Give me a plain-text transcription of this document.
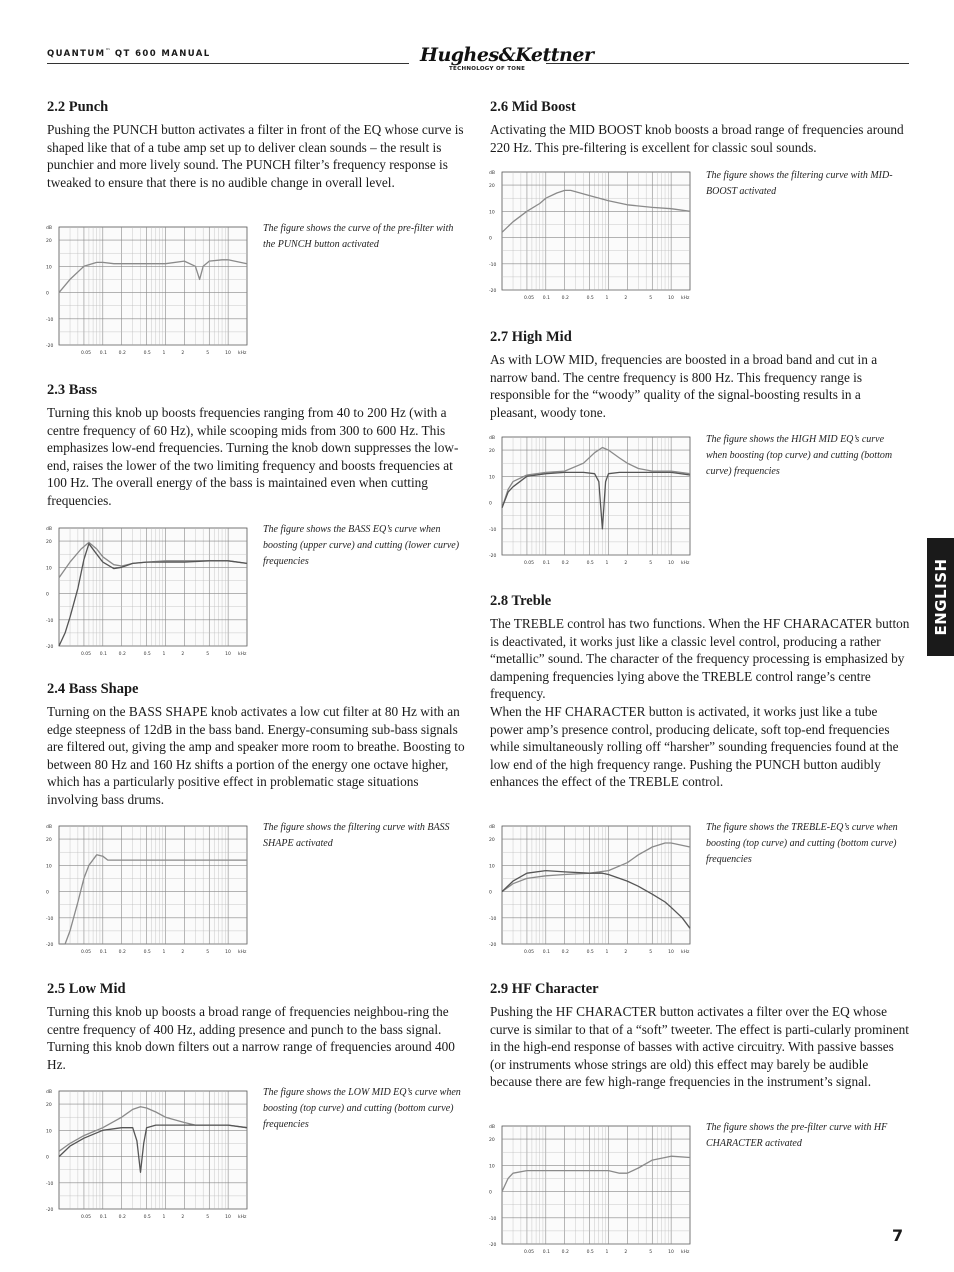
QUANTUM™ QT 600 MANUAL	Hughes&Kettner
TECHNOLOGY OF TONE
ENGLISH
2.2 Punch

Pushing the PUNCH button activates a filter in front of the EQ whose curve is shaped like that of a tube amp set up to deliver clean sounds – the result is punchier and more lively sound. The PUNCH filter’s frequency response is tweaked to ensure that there is no audible change in overall level.

dB
20
10
0
-10
-20
0.05 0.1	0.2	0.5	1	2	5	10 kHz
The figure shows the curve of the pre-filter with the PUNCH button activated
2.3 Bass

Turning this knob up boosts frequencies ranging from 40 to 200 Hz (with a centre frequency of 60 Hz), while scooping mids from 300 to 600 Hz. This emphasizes low-end frequencies. Turning the knob down suppresses the low-end, raises the lower of the two limiting frequency and boosts frequencies at 100 Hz. The overall energy of the bass is maintained even when cutting frequencies.

dB
20
10
0
-10
-20
0.05 0.1	0.2	0.5	1	2	5	10 kHz
The figure shows the BASS EQ’s curve when boosting (upper curve) and cutting (lower curve) frequencies
2.4 Bass Shape

Turning on the BASS SHAPE knob activates a low cut filter at 80 Hz with an edge steepness of 12dB in the bass band. Energy-consuming sub-bass signals are filtered out, giving the amp and speaker more room to breathe. Boosting to between 80 Hz and 160 Hz shifts a portion of the energy one octave higher, which has a particularly positive effect in problematic stage situations involving bass drums.

dB
20
10
0
-10
-20
0.05 0.1	0.2	0.5	1	2	5	10 kHz
The figure shows the filtering curve with BASS SHAPE activated
2.5 Low Mid

Turning this knob up boosts a broad range of frequencies neighbou-ring the centre frequency of 400 Hz, adding presence and punch to the bass signal. Turning this knob down filters out a narrow range of frequencies around 400 Hz.

dB
20
10
0
-10
-20
0.05 0.1	0.2	0.5	1	2	5	10 kHz
The figure shows the LOW MID EQ’s curve when boosting (top curve) and cutting (bottom curve) frequencies
2.6 Mid Boost

Activating the MID BOOST knob boosts a broad range of frequencies around 220 Hz. This pre-filtering is excellent for classic soul sounds.

dB
20
10
0
-10
-20
0.05 0.1	0.2	0.5	1	2	5	10 kHz
The figure shows the filtering curve with MID-BOOST activated
2.7 High Mid

As with LOW MID, frequencies are boosted in a broad band and cut in a narrow band. The centre frequency is 800 Hz. This frequency range is responsible for the “woody” quality of the signal-boosting results in a pleasant, woody tone.

dB
20
10
0
-10
-20
0.05 0.1	0.2	0.5	1	2	5	10 kHz
The figure shows the HIGH MID EQ’s curve when boosting (top curve) and cutting (bottom curve) frequencies
2.8 Treble

The TREBLE control has two functions. When the HF CHARACATER button is deactivated, it works just like a classic level control, producing a rather “metallic” sound. The character of the frequency processing is emphasized by dampening frequencies lying above the TREBLE control range’s centre frequency.

When the HF CHARACTER button is activated, it works just like a tube power amp’s presence control, producing delicate, soft top-end frequencies while simultaneously rolling off “harsher” sounding frequencies found at the low end of the high frequency range. Pushing the PUNCH button audibly enhances the effect of the TREBLE control.

dB
20
10
0
-10
-20
0.05 0.1	0.2	0.5	1	2	5	10 kHz
The figure shows the TREBLE-EQ’s curve when boosting (top curve) and cutting (bottom curve) frequencies
2.9 HF Character

Pushing the HF CHARACTER button activates a filter over the EQ whose curve is similar to that of a “soft” tweeter. The effect is parti-cularly prominent in the high-end response of basses with active circuitry. With passive basses (or instruments whose strings are old) this effect may barely be audible because there are few high-range frequencies in the instrument’s signal.

dB
20
10
0
-10
-20
0.05 0.1	0.2	0.5	1	2	5	10 kHz
The figure shows the pre-filter curve with HF CHARACTER activated
7
